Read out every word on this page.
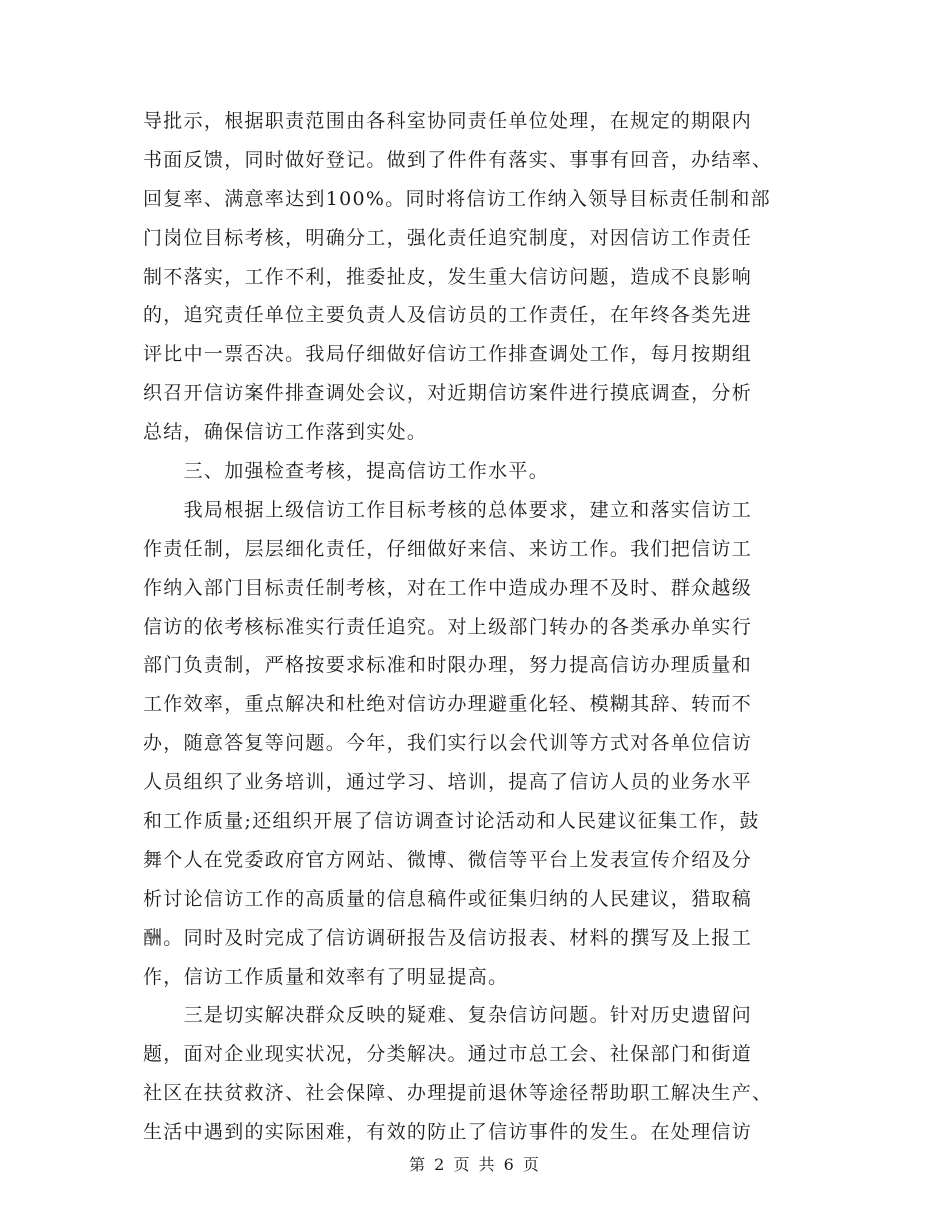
导批示，根据职责范围由各科室协同责任单位处理，在规定的期限内
书面反馈，同时做好登记。做到了件件有落实、事事有回音，办结率、
回复率、满意率达到100%。同时将信访工作纳入领导目标责任制和部
门岗位目标考核，明确分工，强化责任追究制度，对因信访工作责任
制不落实，工作不利，推委扯皮，发生重大信访问题，造成不良影响
的，追究责任单位主要负责人及信访员的工作责任，在年终各类先进
评比中一票否决。我局仔细做好信访工作排查调处工作，每月按期组
织召开信访案件排查调处会议，对近期信访案件进行摸底调查，分析
总结，确保信访工作落到实处。
　　三、加强检查考核，提高信访工作水平。
　　我局根据上级信访工作目标考核的总体要求，建立和落实信访工
作责任制，层层细化责任，仔细做好来信、来访工作。我们把信访工
作纳入部门目标责任制考核，对在工作中造成办理不及时、群众越级
信访的依考核标准实行责任追究。对上级部门转办的各类承办单实行
部门负责制，严格按要求标准和时限办理，努力提高信访办理质量和
工作效率，重点解决和杜绝对信访办理避重化轻、模糊其辞、转而不
办，随意答复等问题。今年，我们实行以会代训等方式对各单位信访
人员组织了业务培训，通过学习、培训，提高了信访人员的业务水平
和工作质量;还组织开展了信访调查讨论活动和人民建议征集工作，鼓
舞个人在党委政府官方网站、微博、微信等平台上发表宣传介绍及分
析讨论信访工作的高质量的信息稿件或征集归纳的人民建议，猎取稿
酬。同时及时完成了信访调研报告及信访报表、材料的撰写及上报工
作，信访工作质量和效率有了明显提高。
　　三是切实解决群众反映的疑难、复杂信访问题。针对历史遗留问
题，面对企业现实状况，分类解决。通过市总工会、社保部门和街道
社区在扶贫救济、社会保障、办理提前退休等途径帮助职工解决生产、
生活中遇到的实际困难，有效的防止了信访事件的发生。在处理信访
第 2 页 共 6 页
